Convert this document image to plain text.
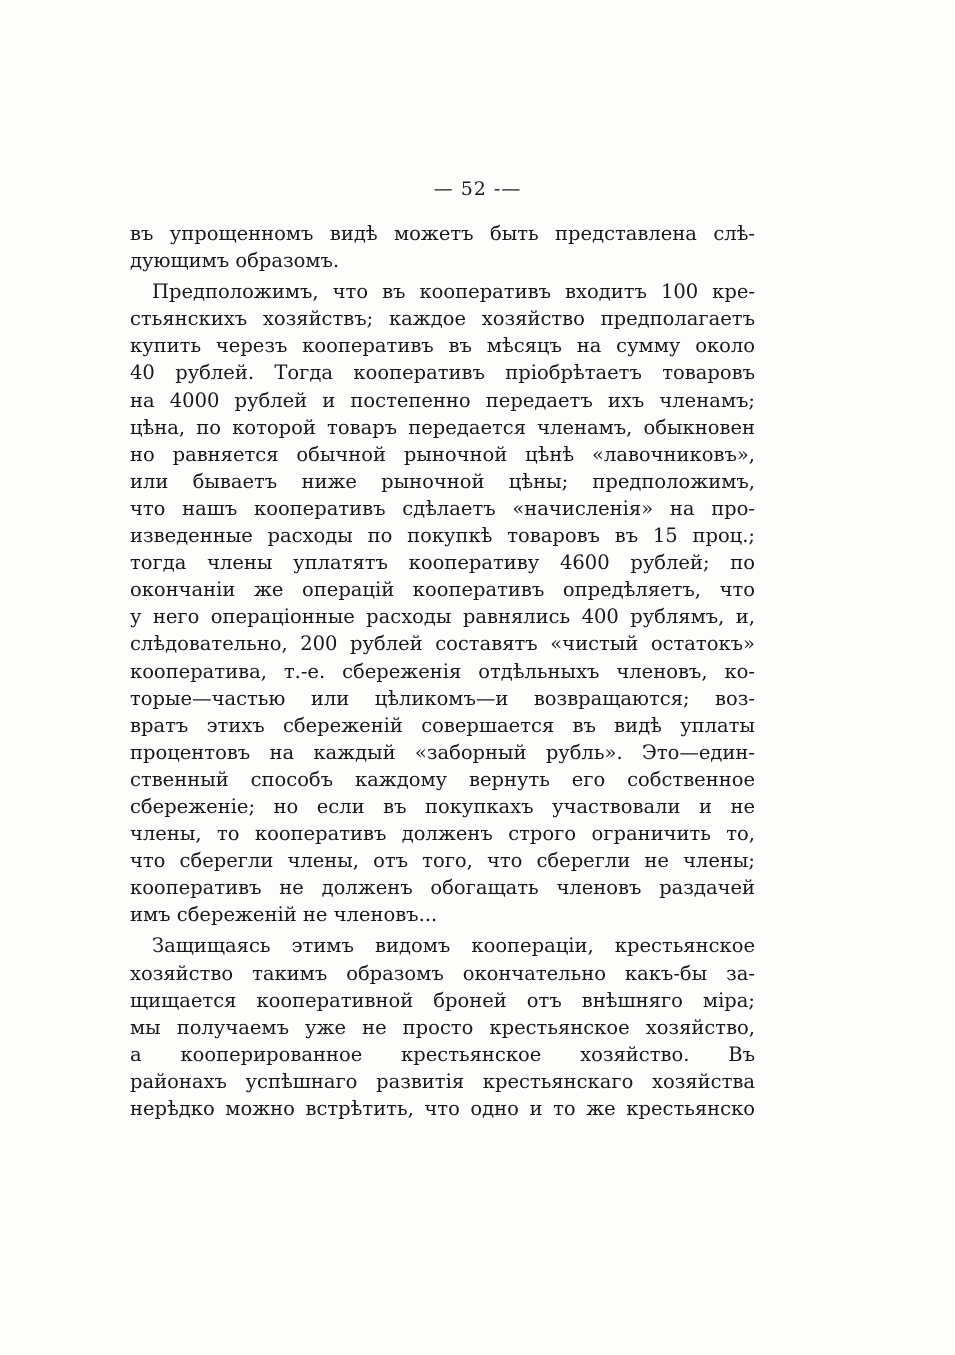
— 52 -—
въ упрощенномъ видѣ можетъ быть представлена слѣ-
дующимъ образомъ.
Предположимъ, что въ кооперативъ входитъ 100 кре-
стьянскихъ хозяйствъ; каждое хозяйство предполагаетъ
купить черезъ кооперативъ въ мѣсяцъ на сумму около
40 рублей. Тогда кооперативъ пріобрѣтаетъ товаровъ
на 4000 рублей и постепенно передаетъ ихъ членамъ;
цѣна, по которой товаръ передается членамъ, обыкновен
но равняется обычной рыночной цѣнѣ «лавочниковъ»,
или бываетъ ниже рыночной цѣны; предположимъ,
что нашъ кооперативъ сдѣлаетъ «начисленія» на про-
изведенные расходы по покупкѣ товаровъ въ 15 проц.;
тогда члены уплатятъ кооперативу 4600 рублей; по
окончаніи же операцій кооперативъ опредѣляетъ, что
у него операціонные расходы равнялись 400 рублямъ, и,
слѣдовательно, 200 рублей составятъ «чистый остатокъ»
кооператива, т.-е. сбереженія отдѣльныхъ членовъ, ко-
торые—частью или цѣликомъ—и возвращаются; воз-
вратъ этихъ сбереженій совершается въ видѣ уплаты
процентовъ на каждый «заборный рубль». Это—един-
ственный способъ каждому вернуть его собственное
сбереженіе; но если въ покупкахъ участвовали и не
члены, то кооперативъ долженъ строго ограничить то,
что сберегли члены, отъ того, что сберегли не члены;
кооперативъ не долженъ обогащать членовъ раздачей
имъ сбереженій не членовъ...
Защищаясь этимъ видомъ коопераціи, крестьянское
хозяйство такимъ образомъ окончательно какъ-бы за-
щищается кооперативной броней отъ внѣшняго міра;
мы получаемъ уже не просто крестьянское хозяйство,
а кооперированное крестьянское хозяйство. Въ
районахъ успѣшнаго развитія крестьянскаго хозяйства
нерѣдко можно встрѣтить, что одно и то же крестьянско
